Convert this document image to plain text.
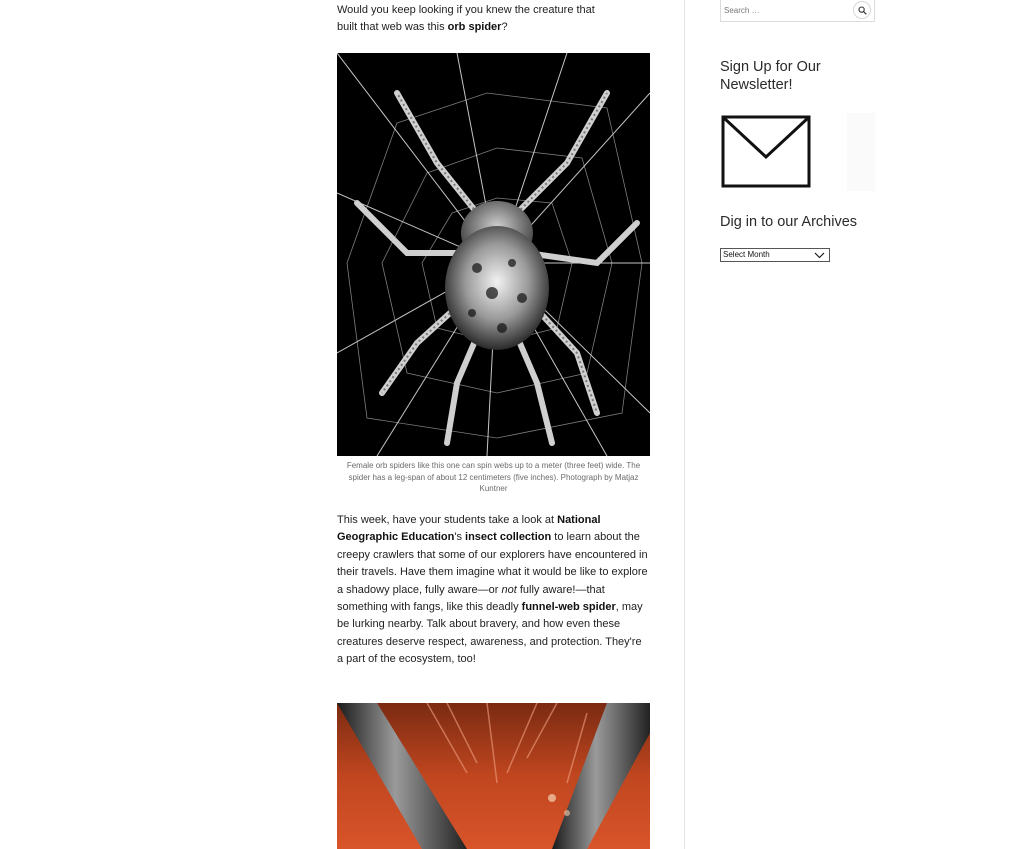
Would you keep looking if you knew the creature that
built that web was this orb spider?

Female orb spiders like this one can spin webs up to a meter (three feet) wide. The spider has a leg-span of about 12 centimeters (five inches). Photograph by Matjaz Kuntner

This week, have your students take a look at National Geographic Education's insect collection to learn about the creepy crawlers that some of our explorers have encountered in their travels. Have them imagine what it would be like to explore a shadowy place, fully aware—or not fully aware!—that something with fangs, like this deadly funnel-web spider, may be lurking nearby. Talk about bravery, and how even these creatures deserve respect, awareness, and protection. They're a part of the ecosystem, too!

Search …
Sign Up for Our Newsletter!
Dig in to our Archives
Select Month
